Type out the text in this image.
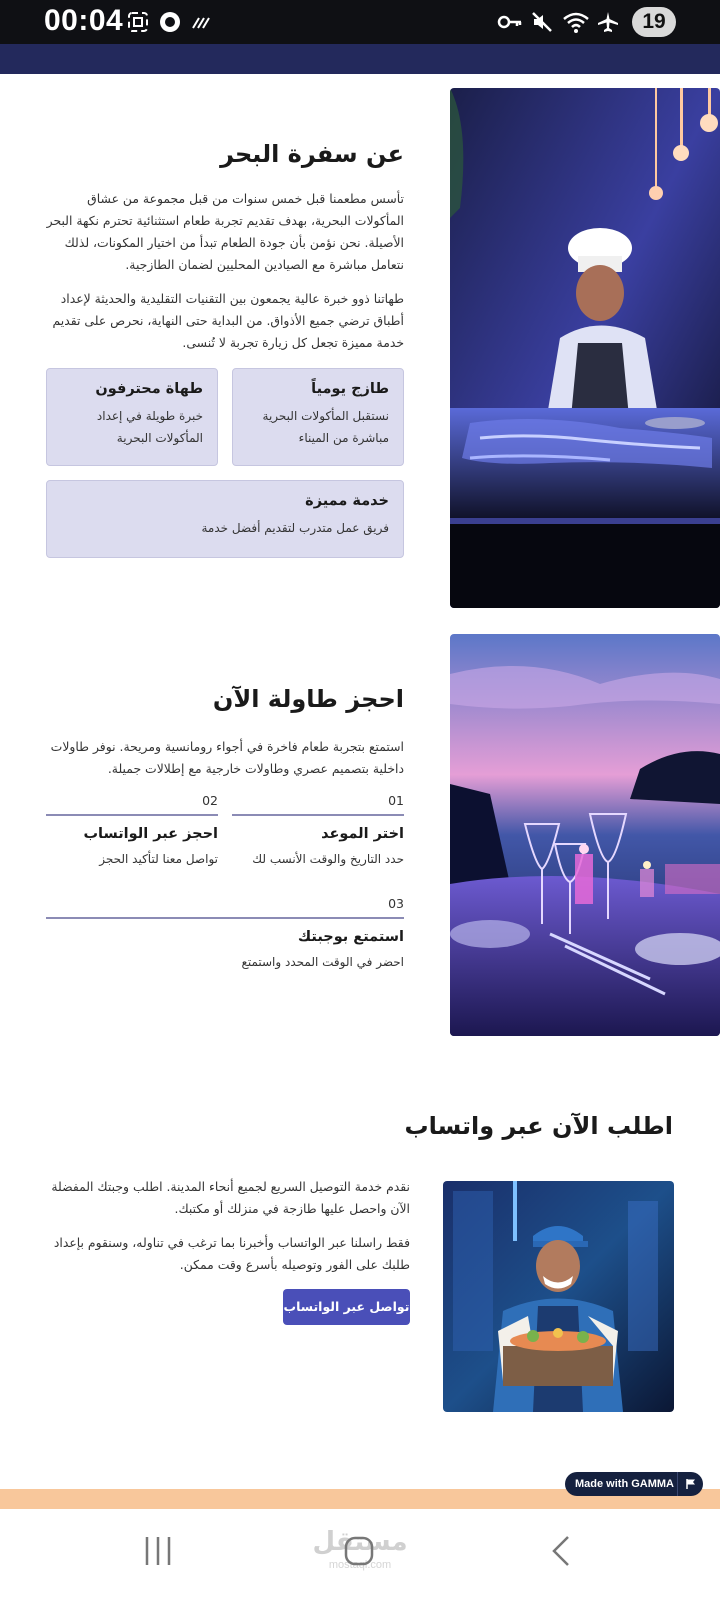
00:04	19
عن سفرة البحر
تأسس مطعمنا قبل خمس سنوات من قبل مجموعة من عشاق المأكولات البحرية، بهدف تقديم تجربة طعام استثنائية تحترم نكهة البحر الأصيلة. نحن نؤمن بأن جودة الطعام تبدأ من اختيار المكونات، لذلك نتعامل مباشرة مع الصيادين المحليين لضمان الطازجية.
طهاتنا ذوو خبرة عالية يجمعون بين التقنيات التقليدية والحديثة لإعداد أطباق ترضي جميع الأذواق. من البداية حتى النهاية، نحرص على تقديم خدمة مميزة تجعل كل زيارة تجربة لا تُنسى.
طازج يومياً
نستقبل المأكولات البحرية مباشرة من الميناء
طهاة محترفون
خبرة طويلة في إعداد المأكولات البحرية
خدمة مميزة
فريق عمل متدرب لتقديم أفضل خدمة
احجز طاولة الآن
استمتع بتجربة طعام فاخرة في أجواء رومانسية ومريحة. نوفر طاولات داخلية بتصميم عصري وطاولات خارجية مع إطلالات جميلة.
01
اختر الموعد
حدد التاريخ والوقت الأنسب لك
02
احجز عبر الواتساب
تواصل معنا لتأكيد الحجز
03
استمتع بوجبتك
احضر في الوقت المحدد واستمتع
اطلب الآن عبر واتساب
نقدم خدمة التوصيل السريع لجميع أنحاء المدينة. اطلب وجبتك المفضلة الآن واحصل عليها طازجة في منزلك أو مكتبك.
فقط راسلنا عبر الواتساب وأخبرنا بما ترغب في تناوله، وسنقوم بإعداد طلبك على الفور وتوصيله بأسرع وقت ممكن.
تواصل عبر الواتساب
Made with GAMMA
مستقل
mostaql.com
